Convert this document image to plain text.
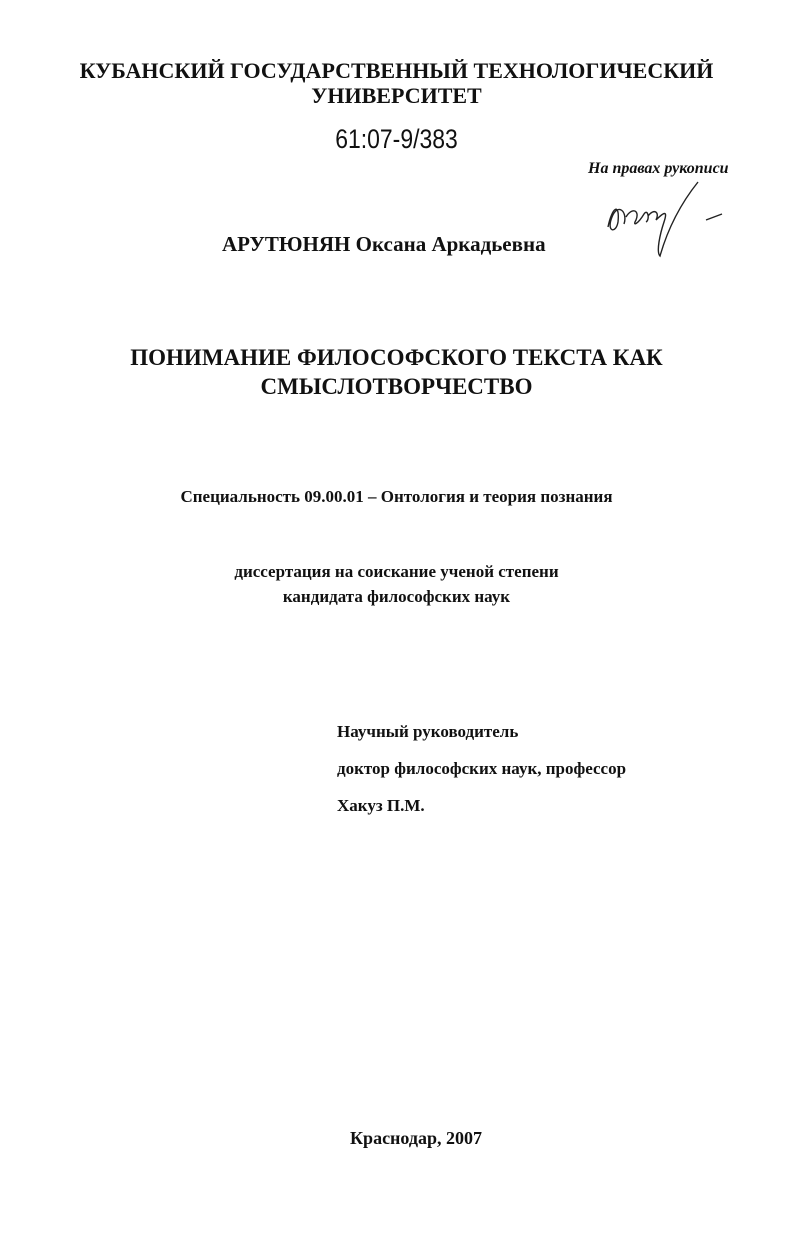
КУБАНСКИЙ ГОСУДАРСТВЕННЫЙ ТЕХНОЛОГИЧЕСКИЙ
УНИВЕРСИТЕТ
61:07-9/383
На правах рукописи
АРУТЮНЯН Оксана Аркадьевна
ПОНИМАНИЕ ФИЛОСОФСКОГО ТЕКСТА КАК
СМЫСЛОТВОРЧЕСТВО
Специальность 09.00.01 – Онтология и теория познания
диссертация на соискание ученой степени
кандидата философских наук
Научный руководитель
доктор философских наук, профессор
Хакуз П.М.
Краснодар, 2007
